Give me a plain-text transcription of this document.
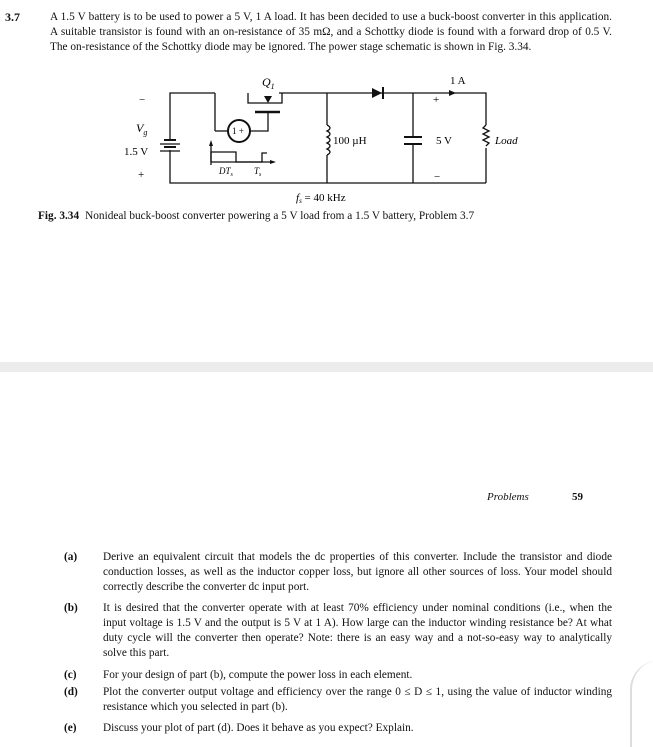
3.7	A 1.5 V battery is to be used to power a 5 V, 1 A load. It has been decided to use a buck-boost converter in this application. A suitable transistor is found with an on-resistance of 35 mΩ, and a Schottky diode is found with a forward drop of 0.5 V. The on-resistance of the Schottky diode may be ignored. The power stage schematic is shown in Fig. 3.34.
$Q_1$	1 A
−
$V_g$
1.5 V
+
1 +
$DT_s$ $T_s$
100 µH
+
5 V
−
Load
fs = 40 kHz
Fig. 3.34 Nonideal buck-boost converter powering a 5 V load from a 1.5 V battery, Problem 3.7
Problems	59
(a) Derive an equivalent circuit that models the dc properties of this converter. Include the transistor and diode conduction losses, as well as the inductor copper loss, but ignore all other sources of loss. Your model should correctly describe the converter dc input port.
(b) It is desired that the converter operate with at least 70% efficiency under nominal conditions (i.e., when the input voltage is 1.5 V and the output is 5 V at 1 A). How large can the inductor winding resistance be? At what duty cycle will the converter then operate? Note: there is an easy way and a not-so-easy way to analytically solve this part.
(c) For your design of part (b), compute the power loss in each element.
(d) Plot the converter output voltage and efficiency over the range 0 ≤ D ≤ 1, using the value of inductor winding resistance which you selected in part (b).
(e) Discuss your plot of part (d). Does it behave as you expect? Explain.
